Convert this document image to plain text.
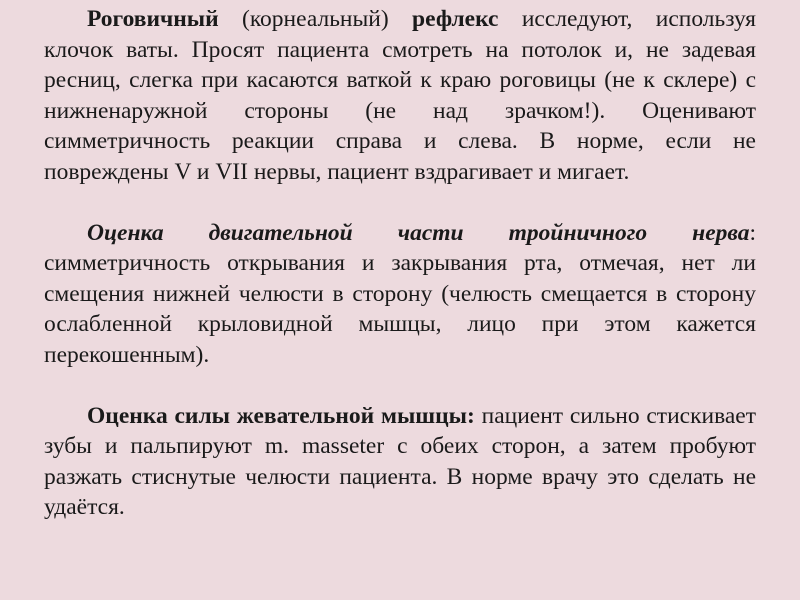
Роговичный (корнеальный) рефлекс исследуют, используя клочок ваты. Просят пациента смотреть на потолок и, не задевая ресниц, слегка при касаются ваткой к краю роговицы (не к склере) с нижненаружной стороны (не над зрачком!). Оценивают симметричность реакции справа и слева. В норме, если не повреждены V и VII нервы, пациент вздрагивает и мигает.

Оценка двигательной части тройничного нерва: симметричность открывания и закрывания рта, отмечая, нет ли смещения нижней челюсти в сторону (челюсть смещается в сторону ослабленной крыловидной мышцы, лицо при этом кажется перекошенным).

Оценка силы жевательной мышцы: пациент сильно стискивает зубы и пальпируют m. masseter с обеих сторон, а затем пробуют разжать стиснутые челюсти пациента. В норме врачу это сделать не удаётся.
